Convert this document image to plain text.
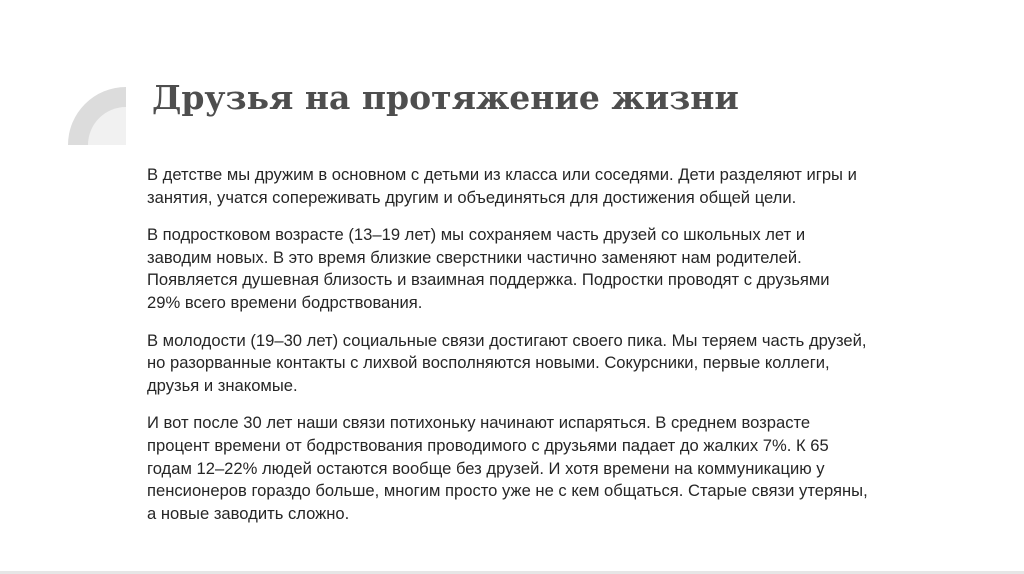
Друзья на протяжение жизни

В детстве мы дружим в основном с детьми из класса или соседями. Дети разделяют игры и
занятия, учатся сопереживать другим и объединяться для достижения общей цели.

В подростковом возрасте (13–19 лет) мы сохраняем часть друзей со школьных лет и
заводим новых. В это время близкие сверстники частично заменяют нам родителей.
Появляется душевная близость и взаимная поддержка. Подростки проводят с друзьями
29% всего времени бодрствования.

В молодости (19–30 лет) социальные связи достигают своего пика. Мы теряем часть друзей,
но разорванные контакты с лихвой восполняются новыми. Сокурсники, первые коллеги,
друзья и знакомые.

И вот после 30 лет наши связи потихоньку начинают испаряться. В среднем возрасте
процент времени от бодрствования проводимого с друзьями падает до жалких 7%. К 65
годам 12–22% людей остаются вообще без друзей. И хотя времени на коммуникацию у
пенсионеров гораздо больше, многим просто уже не с кем общаться. Старые связи утеряны,
а новые заводить сложно.
